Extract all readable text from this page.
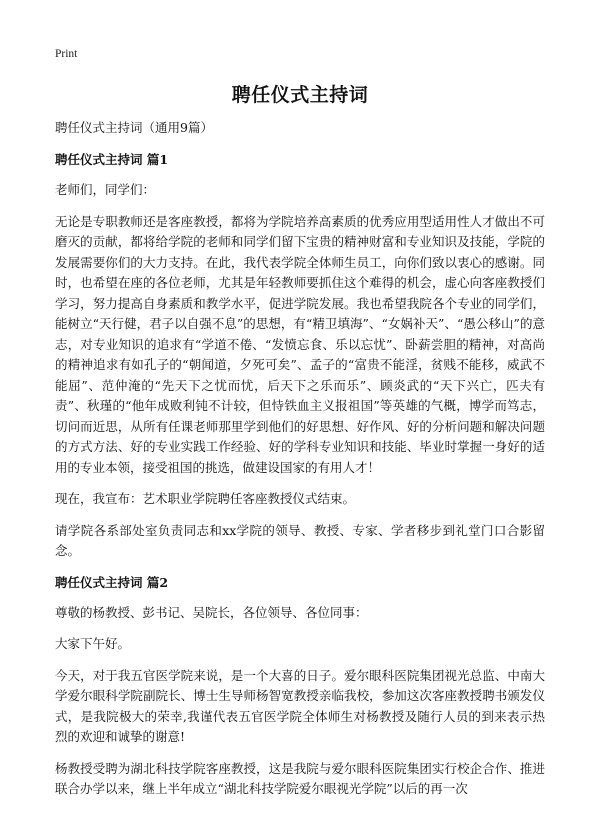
Print
聘任仪式主持词
聘任仪式主持词（通用9篇）
聘任仪式主持词 篇1

老师们，同学们：

无论是专职教师还是客座教授，都将为学院培养高素质的优秀应用型适用性人才做出不可磨灭的贡献，都将给学院的老师和同学们留下宝贵的精神财富和专业知识及技能，学院的发展需要你们的大力支持。在此，我代表学院全体师生员工，向你们致以衷心的感谢。同时，也希望在座的各位老师，尤其是年轻教师要抓住这个难得的机会，虚心向客座教授们学习，努力提高自身素质和教学水平，促进学院发展。我也希望我院各个专业的同学们，能树立“天行健，君子以自强不息”的思想，有“精卫填海”、“女娲补天”、“愚公移山”的意志，对专业知识的追求有“学道不倦、“发愤忘食、乐以忘忧”、卧薪尝胆的精神，对高尚的精神追求有如孔子的“朝闻道，夕死可矣”、孟子的“富贵不能淫，贫贱不能移，威武不能屈”、范仲淹的“先天下之忧而忧，后天下之乐而乐”、顾炎武的“天下兴亡，匹夫有责”、秋瑾的“他年成败利钝不计较，但恃铁血主义报祖国”等英雄的气概，博学而笃志，切问而近思，从所有任课老师那里学到他们的好思想、好作风、好的分析问题和解决问题的方式方法、好的专业实践工作经验、好的学科专业知识和技能、毕业时掌握一身好的适用的专业本领，接受祖国的挑选，做建设国家的有用人才！

现在，我宣布：艺术职业学院聘任客座教授仪式结束。

请学院各系部处室负责同志和xx学院的领导、教授、专家、学者移步到礼堂门口合影留念。

聘任仪式主持词 篇2

尊敬的杨教授、彭书记、吴院长，各位领导、各位同事：

大家下午好。

今天，对于我五官医学院来说，是一个大喜的日子。爱尔眼科医院集团视光总监、中南大学爱尔眼科学院副院长、博士生导师杨智宽教授亲临我校，参加这次客座教授聘书颁发仪式，是我院极大的荣幸,我谨代表五官医学院全体师生对杨教授及随行人员的到来表示热烈的欢迎和诚挚的谢意!

杨教授受聘为湖北科技学院客座教授，这是我院与爱尔眼科医院集团实行校企合作、推进联合办学以来，继上半年成立“湖北科技学院爱尔眼视光学院”以后的再一次
